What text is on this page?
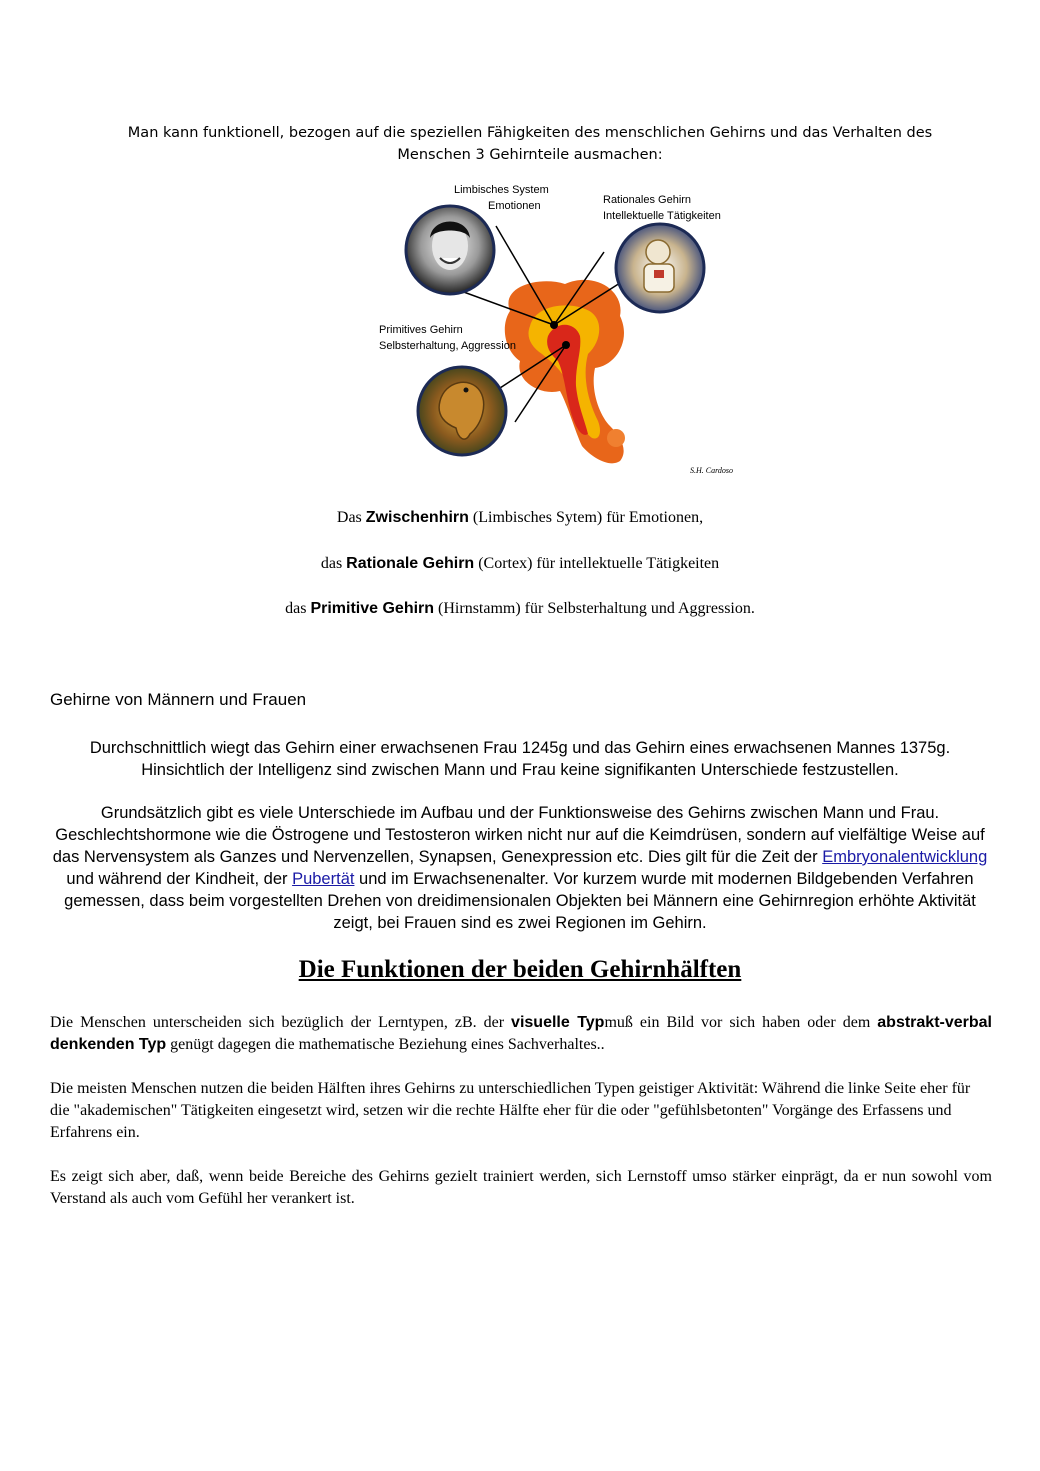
Man kann funktionell, bezogen auf die speziellen Fähigkeiten des menschlichen Gehirns und das Verhalten des Menschen 3 Gehirnteile ausmachen:
Limbisches System
Emotionen	Rationales Gehirn
Intellektuelle Tätigkeiten
Primitives Gehirn
Selbsterhaltung, Aggression
S.H. Cardoso
Das Zwischenhirn (Limbisches Sytem) für Emotionen,
das Rationale Gehirn (Cortex) für intellektuelle Tätigkeiten
das Primitive Gehirn (Hirnstamm) für Selbsterhaltung und Aggression.
Gehirne von Männern und Frauen
Durchschnittlich wiegt das Gehirn einer erwachsenen Frau 1245g und das Gehirn eines erwachsenen Mannes 1375g. Hinsichtlich der Intelligenz sind zwischen Mann und Frau keine signifikanten Unterschiede festzustellen.
Grundsätzlich gibt es viele Unterschiede im Aufbau und der Funktionsweise des Gehirns zwischen Mann und Frau. Geschlechtshormone wie die Östrogene und Testosteron wirken nicht nur auf die Keimdrüsen, sondern auf vielfältige Weise auf das Nervensystem als Ganzes und Nervenzellen, Synapsen, Genexpression etc. Dies gilt für die Zeit der Embryonalentwicklung und während der Kindheit, der Pubertät und im Erwachsenenalter. Vor kurzem wurde mit modernen Bildgebenden Verfahren gemessen, dass beim vorgestellten Drehen von dreidimensionalen Objekten bei Männern eine Gehirnregion erhöhte Aktivität zeigt, bei Frauen sind es zwei Regionen im Gehirn.
Die Funktionen der beiden Gehirnhälften
Die Menschen unterscheiden sich bezüglich der Lerntypen, zB. der visuelle Typmuß ein Bild vor sich haben oder dem abstrakt-verbal denkenden Typ genügt dagegen die mathematische Beziehung eines Sachverhaltes..
Die meisten Menschen nutzen die beiden Hälften ihres Gehirns zu unterschiedlichen Typen geistiger Aktivität: Während die linke Seite eher für die "akademischen" Tätigkeiten eingesetzt wird, setzen wir die rechte Hälfte eher für die oder "gefühlsbetonten" Vorgänge des Erfassens und Erfahrens ein.
Es zeigt sich aber, daß, wenn beide Bereiche des Gehirns gezielt trainiert werden, sich Lernstoff umso stärker einprägt, da er nun sowohl vom Verstand als auch vom Gefühl her verankert ist.
